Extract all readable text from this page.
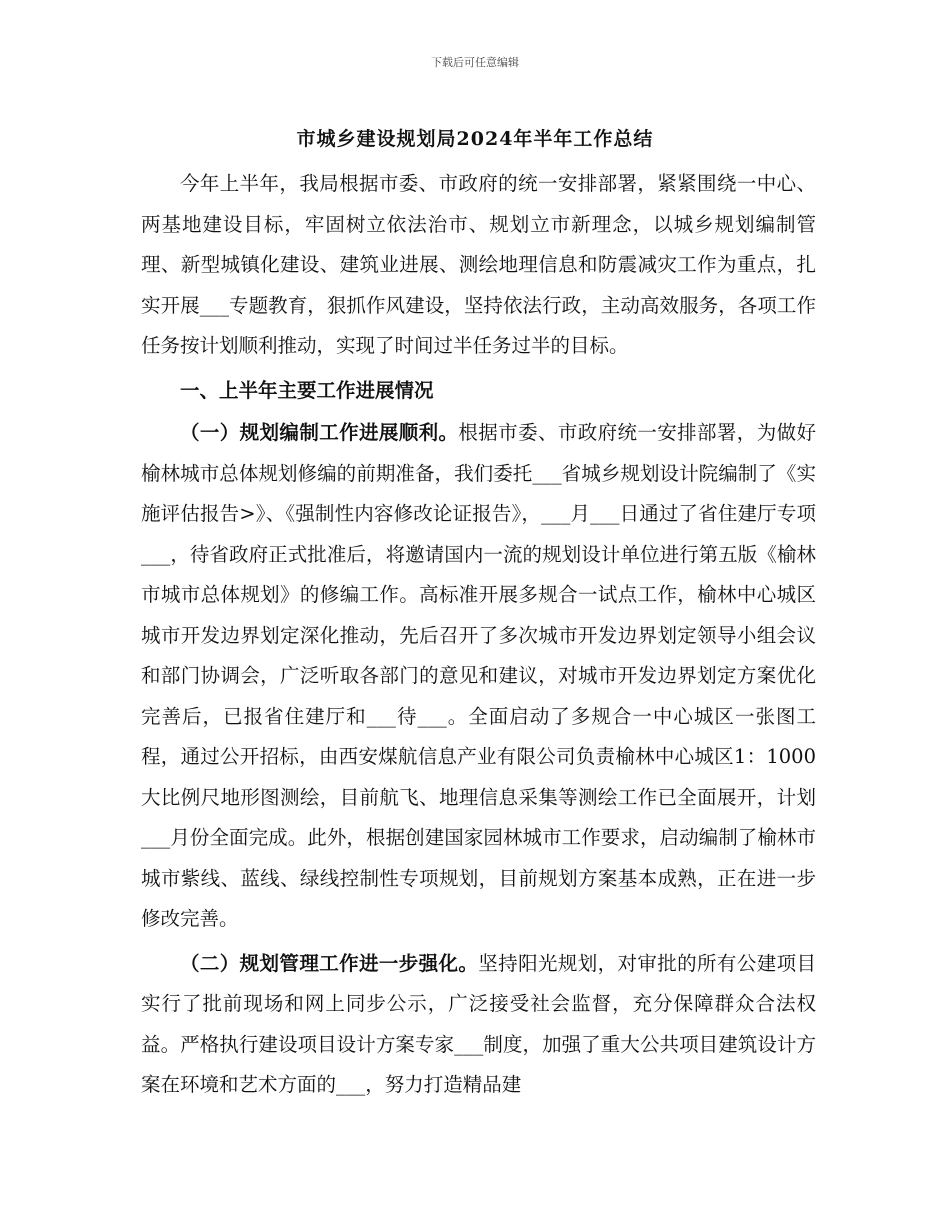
下载后可任意编辑
市城乡建设规划局2024年半年工作总结

今年上半年，我局根据市委、市政府的统一安排部署，紧紧围绕一中心、两基地建设目标，牢固树立依法治市、规划立市新理念，以城乡规划编制管理、新型城镇化建设、建筑业进展、测绘地理信息和防震减灾工作为重点，扎实开展___专题教育，狠抓作风建设，坚持依法行政，主动高效服务，各项工作任务按计划顺利推动，实现了时间过半任务过半的目标。

一、上半年主要工作进展情况

（一）规划编制工作进展顺利。根据市委、市政府统一安排部署，为做好榆林城市总体规划修编的前期准备，我们委托___省城乡规划设计院编制了《实施评估报告>》、《强制性内容修改论证报告》，___月___日通过了省住建厅专项___，待省政府正式批准后，将邀请国内一流的规划设计单位进行第五版《榆林市城市总体规划》的修编工作。高标准开展多规合一试点工作，榆林中心城区城市开发边界划定深化推动，先后召开了多次城市开发边界划定领导小组会议和部门协调会，广泛听取各部门的意见和建议，对城市开发边界划定方案优化完善后，已报省住建厅和___待___。全面启动了多规合一中心城区一张图工程，通过公开招标，由西安煤航信息产业有限公司负责榆林中心城区1：1000大比例尺地形图测绘，目前航飞、地理信息采集等测绘工作已全面展开，计划___月份全面完成。此外，根据创建国家园林城市工作要求，启动编制了榆林市城市紫线、蓝线、绿线控制性专项规划，目前规划方案基本成熟，正在进一步修改完善。

（二）规划管理工作进一步强化。坚持阳光规划，对审批的所有公建项目实行了批前现场和网上同步公示，广泛接受社会监督，充分保障群众合法权益。严格执行建设项目设计方案专家___制度，加强了重大公共项目建筑设计方案在环境和艺术方面的___，努力打造精品建
